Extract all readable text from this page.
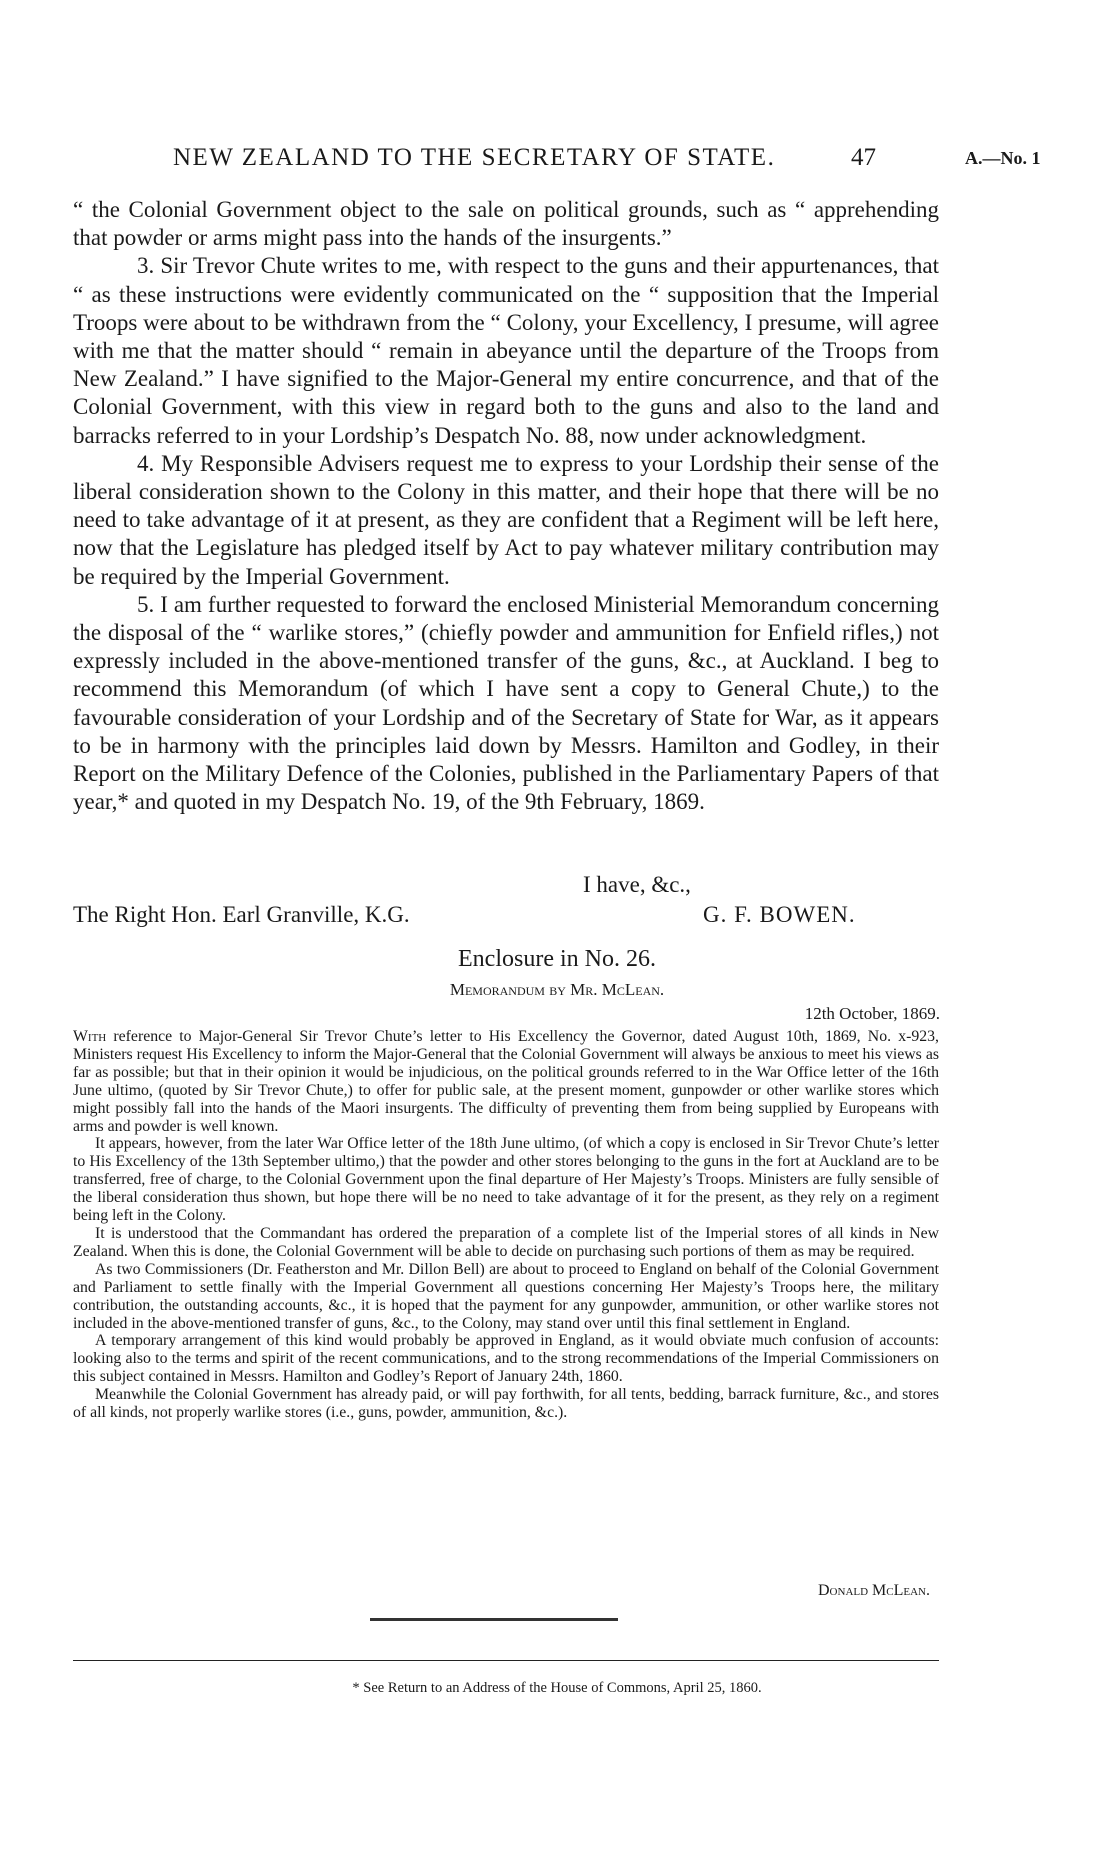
NEW ZEALAND TO THE SECRETARY OF STATE.	47	A.—No. 1

“ the Colonial Government object to the sale on political grounds, such as “ apprehending that powder or arms might pass into the hands of the insurgents.”

3. Sir Trevor Chute writes to me, with respect to the guns and their appurtenances, that “ as these instructions were evidently communicated on the “ supposition that the Imperial Troops were about to be withdrawn from the “ Colony, your Excellency, I presume, will agree with me that the matter should “ remain in abeyance until the departure of the Troops from New Zealand.” I have signified to the Major-General my entire concurrence, and that of the Colonial Government, with this view in regard both to the guns and also to the land and barracks referred to in your Lordship’s Despatch No. 88, now under acknowledgment.

4. My Responsible Advisers request me to express to your Lordship their sense of the liberal consideration shown to the Colony in this matter, and their hope that there will be no need to take advantage of it at present, as they are confident that a Regiment will be left here, now that the Legislature has pledged itself by Act to pay whatever military contribution may be required by the Imperial Government.

5. I am further requested to forward the enclosed Ministerial Memorandum concerning the disposal of the “ warlike stores,” (chiefly powder and ammunition for Enfield rifles,) not expressly included in the above-mentioned transfer of the guns, &c., at Auckland. I beg to recommend this Memorandum (of which I have sent a copy to General Chute,) to the favourable consideration of your Lordship and of the Secretary of State for War, as it appears to be in harmony with the principles laid down by Messrs. Hamilton and Godley, in their Report on the Military Defence of the Colonies, published in the Parliamentary Papers of that year,* and quoted in my Despatch No. 19, of the 9th February, 1869.

I have, &c.,
The Right Hon. Earl Granville, K.G.	G. F. BOWEN.
Enclosure in No. 26.
Memorandum by Mr. McLean.
12th October, 1869.

With reference to Major-General Sir Trevor Chute’s letter to His Excellency the Governor, dated August 10th, 1869, No. x-923, Ministers request His Excellency to inform the Major-General that the Colonial Government will always be anxious to meet his views as far as possible; but that in their opinion it would be injudicious, on the political grounds referred to in the War Office letter of the 16th June ultimo, (quoted by Sir Trevor Chute,) to offer for public sale, at the present moment, gunpowder or other warlike stores which might possibly fall into the hands of the Maori insurgents. The difficulty of preventing them from being supplied by Europeans with arms and powder is well known.

It appears, however, from the later War Office letter of the 18th June ultimo, (of which a copy is enclosed in Sir Trevor Chute’s letter to His Excellency of the 13th September ultimo,) that the powder and other stores belonging to the guns in the fort at Auckland are to be transferred, free of charge, to the Colonial Government upon the final departure of Her Majesty’s Troops. Ministers are fully sensible of the liberal consideration thus shown, but hope there will be no need to take advantage of it for the present, as they rely on a regiment being left in the Colony.

It is understood that the Commandant has ordered the preparation of a complete list of the Imperial stores of all kinds in New Zealand. When this is done, the Colonial Government will be able to decide on purchasing such portions of them as may be required.

As two Commissioners (Dr. Featherston and Mr. Dillon Bell) are about to proceed to England on behalf of the Colonial Government and Parliament to settle finally with the Imperial Government all questions concerning Her Majesty’s Troops here, the military contribution, the outstanding accounts, &c., it is hoped that the payment for any gunpowder, ammunition, or other warlike stores not included in the above-mentioned transfer of guns, &c., to the Colony, may stand over until this final settlement in England.

A temporary arrangement of this kind would probably be approved in England, as it would obviate much confusion of accounts: looking also to the terms and spirit of the recent communications, and to the strong recommendations of the Imperial Commissioners on this subject contained in Messrs. Hamilton and Godley’s Report of January 24th, 1860.

Meanwhile the Colonial Government has already paid, or will pay forthwith, for all tents, bedding, barrack furniture, &c., and stores of all kinds, not properly warlike stores (i.e., guns, powder, ammunition, &c.).

Donald McLean.
* See Return to an Address of the House of Commons, April 25, 1860.
